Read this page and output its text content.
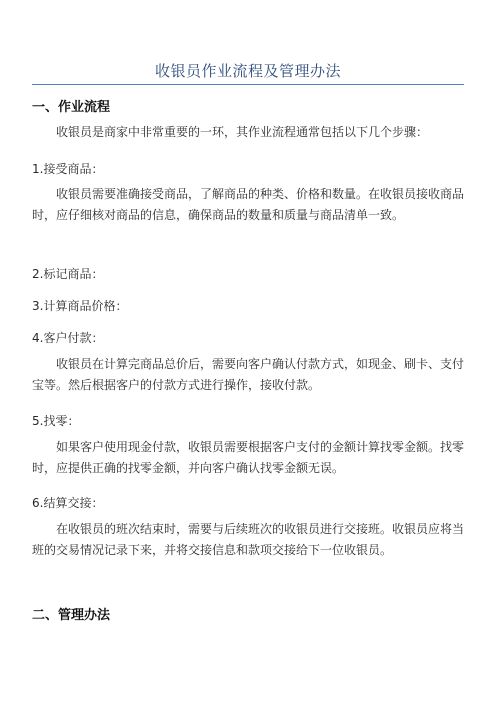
收银员作业流程及管理办法
一、作业流程
收银员是商家中非常重要的一环，其作业流程通常包括以下几个步骤：
1.接受商品：
收银员需要准确接受商品，了解商品的种类、价格和数量。在收银员接收商品时，应仔细核对商品的信息，确保商品的数量和质量与商品清单一致。
2.标记商品：
3.计算商品价格：
4.客户付款：
收银员在计算完商品总价后，需要向客户确认付款方式，如现金、刷卡、支付宝等。然后根据客户的付款方式进行操作，接收付款。
5.找零：
如果客户使用现金付款，收银员需要根据客户支付的金额计算找零金额。找零时，应提供正确的找零金额，并向客户确认找零金额无误。
6.结算交接：
在收银员的班次结束时，需要与后续班次的收银员进行交接班。收银员应将当班的交易情况记录下来，并将交接信息和款项交接给下一位收银员。
二、管理办法
